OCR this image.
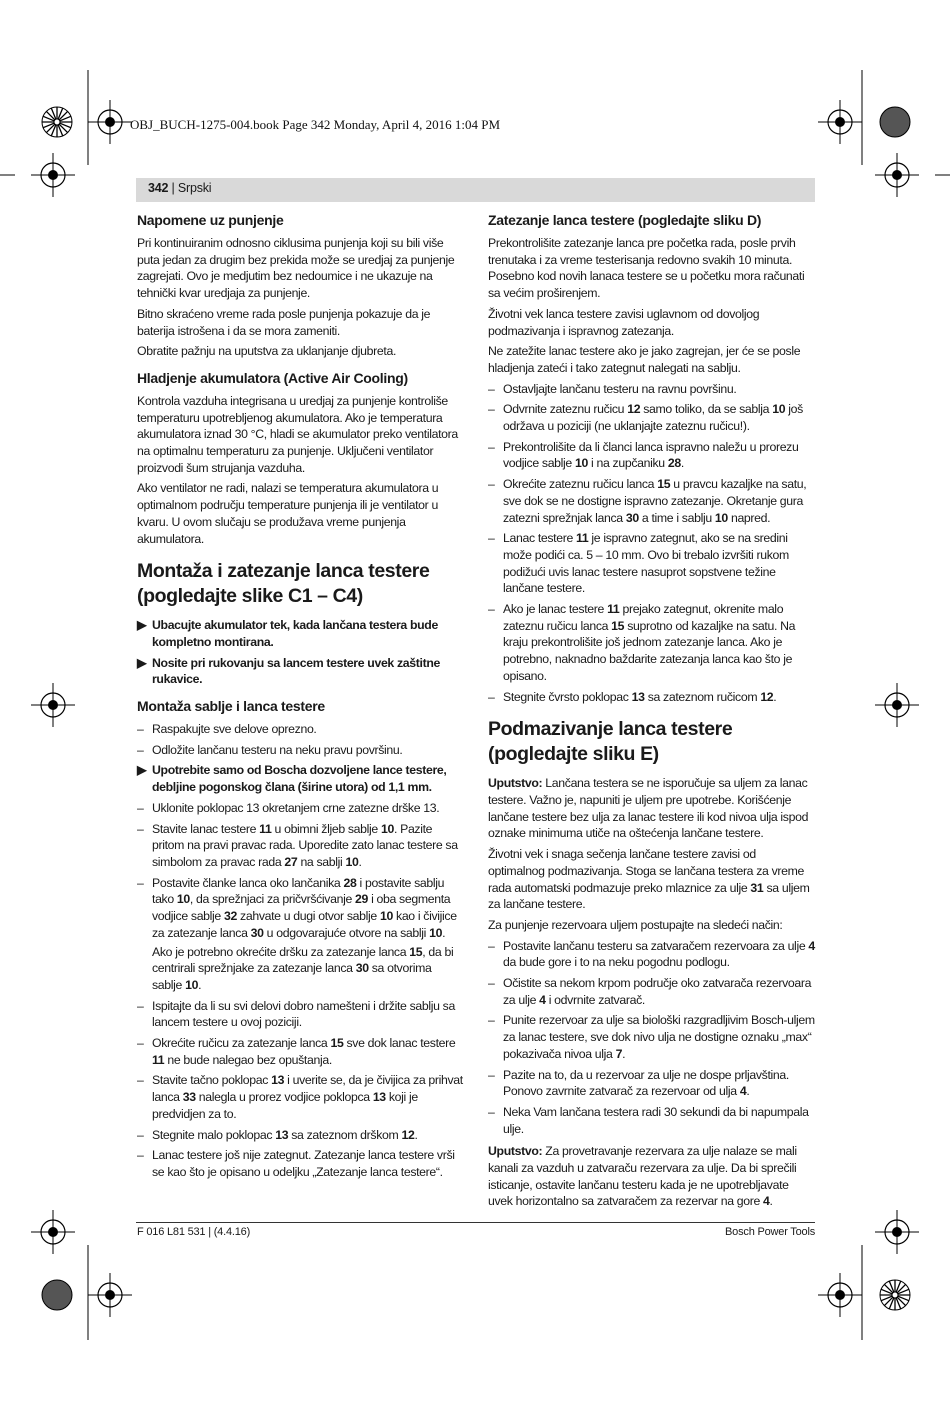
OBJ_BUCH-1275-004.book Page 342 Monday, April 4, 2016 1:04 PM
342 | Srpski
Napomene uz punjenje

Pri kontinuiranim odnosno ciklusima punjenja koji su bili više puta jedan za drugim bez prekida može se uredjaj za punjenje zagrejati. Ovo je medjutim bez nedoumice i ne ukazuje na tehnički kvar uredjaja za punjenje.

Bitno skraćeno vreme rada posle punjenja pokazuje da je baterija istrošena i da se mora zameniti.

Obratite pažnju na uputstva za uklanjanje djubreta.

Hladjenje akumulatora (Active Air Cooling)

Kontrola vazduha integrisana u uredjaj za punjenje kontroliše temperaturu upotrebljenog akumulatora. Ako je temperatura akumulatora iznad 30 °C, hladi se akumulator preko ventilatora na optimalnu temperaturu za punjenje. Uključeni ventilator proizvodi šum strujanja vazduha.

Ako ventilator ne radi, nalazi se temperatura akumulatora u optimalnom području temperature punjenja ili je ventilator u kvaru. U ovom slučaju se produžava vreme punjenja akumulatora.

Montaža i zatezanje lanca testere
(pogledajte slike C1 – C4)
▶ Ubacujte akumulator tek, kada lančana testera bude kompletno montirana.
▶ Nosite pri rukovanju sa lancem testere uvek zaštitne rukavice.
Montaža sablje i lanca testere
– Raspakujte sve delove oprezno.
– Odložite lančanu testeru na neku pravu površinu.
▶ Upotrebite samo od Boscha dozvoljene lance testere, debljine pogonskog člana (širine utora) od 1,1 mm.
– Uklonite poklopac 13 okretanjem crne zatezne drške 13.
– Stavite lanac testere 11 u obimni žljeb sablje 10. Pazite pritom na pravi pravac rada. Uporedite zato lanac testere sa simbolom za pravac rada 27 na sablji 10.
– Postavite članke lanca oko lančanika 28 i postavite sablju tako 10, da sprežnjaci za pričvršćivanje 29 i oba segmenta vodjice sablje 32 zahvate u dugi otvor sablje 10 kao i čivijice za zatezanje lanca 30 u odgovarajuće otvore na sablji 10.
Ako je potrebno okrećite dršku za zatezanje lanca 15, da bi centrirali sprežnjake za zatezanje lanca 30 sa otvorima sablje 10.
– Ispitajte da li su svi delovi dobro namešteni i držite sablju sa lancem testere u ovoj poziciji.
– Okrećite ručicu za zatezanje lanca 15 sve dok lanac testere 11 ne bude nalegao bez opuštanja.
– Stavite tačno poklopac 13 i uverite se, da je čivijica za prihvat lanca 33 nalegla u prorez vodjice poklopca 13 koji je predvidjen za to.
– Stegnite malo poklopac 13 sa zateznom drškom 12.
– Lanac testere još nije zategnut. Zatezanje lanca testere vrši se kao što je opisano u odeljku „Zatezanje lanca testere“.
Zatezanje lanca testere (pogledajte sliku D)

Prekontrolišite zatezanje lanca pre početka rada, posle prvih trenutaka i za vreme testerisanja redovno svakih 10 minuta. Posebno kod novih lanaca testere se u početku mora računati sa većim proširenjem.

Životni vek lanca testere zavisi uglavnom od dovoljog podmazivanja i ispravnog zatezanja.

Ne zatežite lanac testere ako je jako zagrejan, jer će se posle hladjenja zateći i tako zategnut nalegati na sablju.

– Ostavljajte lančanu testeru na ravnu površinu.
– Odvrnite zateznu ručicu 12 samo toliko, da se sablja 10 još održava u poziciji (ne uklanjajte zateznu ručicu!).
– Prekontrolišite da li članci lanca ispravno naležu u prorezu vodjice sablje 10 i na zupčaniku 28.
– Okrećite zateznu ručicu lanca 15 u pravcu kazaljke na satu, sve dok se ne dostigne ispravno zatezanje. Okretanje gura zatezni sprežnjak lanca 30 a time i sablju 10 napred.
– Lanac testere 11 je ispravno zategnut, ako se na sredini može podići ca. 5 – 10 mm. Ovo bi trebalo izvršiti rukom podižući uvis lanac testere nasuprot sopstvene težine lančane testere.
– Ako je lanac testere 11 prejako zategnut, okrenite malo zateznu ručicu lanca 15 suprotno od kazaljke na satu. Na kraju prekontrolišite još jednom zatezanje lanca. Ako je potrebno, naknadno baždarite zatezanja lanca kao što je opisano.
– Stegnite čvrsto poklopac 13 sa zateznom ručicom 12.
Podmazivanje lanca testere
(pogledajte sliku E)

Uputstvo: Lančana testera se ne isporučuje sa uljem za lanac testere. Važno je, napuniti je uljem pre upotrebe. Korišćenje lančane testere bez ulja za lanac testere ili kod nivoa ulja ispod oznake minimuma utiče na oštećenja lančane testere.

Životni vek i snaga sečenja lančane testere zavisi od optimalnog podmazivanja. Stoga se lančana testera za vreme rada automatski podmazuje preko mlaznice za ulje 31 sa uljem za lančane testere.

Za punjenje rezervoara uljem postupajte na sledeći način:

– Postavite lančanu testeru sa zatvaračem rezervoara za ulje 4 da bude gore i to na neku pogodnu podlogu.
– Očistite sa nekom krpom područje oko zatvarača rezervoara za ulje 4 i odvrnite zatvarač.
– Punite rezervoar za ulje sa biološki razgradljivim Bosch-uljem za lanac testere, sve dok nivo ulja ne dostigne oznaku „max“ pokazivača nivoa ulja 7.
– Pazite na to, da u rezervoar za ulje ne dospe prljavština. Ponovo zavrnite zatvarač za rezervoar od ulja 4.
– Neka Vam lančana testera radi 30 sekundi da bi napumpala ulje.

Uputstvo: Za provetravanje rezervara za ulje nalaze se mali kanali za vazduh u zatvaraču rezervara za ulje. Da bi sprečili isticanje, ostavite lančanu testeru kada je ne upotrebljavate uvek horizontalno sa zatvaračem za rezervar na gore 4.

F 016 L81 531 | (4.4.16)	Bosch Power Tools
